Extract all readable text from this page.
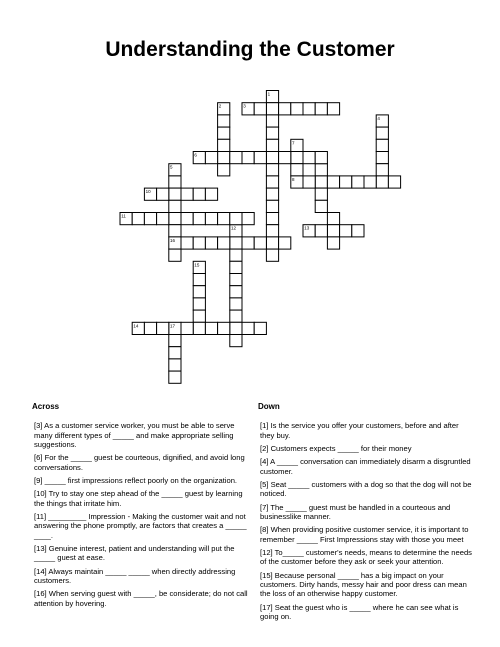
Understanding the Customer
1
2	3
4
5
6
7
8
10
11
12	13
14
15
16
17
Across
[3] As a customer service worker, you must be able to serve many different types of _____ and make appropriate selling suggestions.
[6] For the _____ guest be courteous, dignified, and avoid long conversations.
[9] _____ first impressions reflect poorly on the organization.
[10] Try to stay one step ahead of the _____ guest by learning the things that irritate him.
[11] _________ Impression - Making the customer wait and not answering the phone promptly, are factors that creates a _____ ____.
[13] Genuine interest, patient and understanding will put the _____ guest at ease.
[14] Always maintain _____ _____ when directly addressing customers.
[16] When serving guest with _____, be considerate; do not call attention by hovering.
Down
[1] Is the service you offer your customers, before and after they buy.
[2] Customers expects _____ for their money
[4] A _____ conversation can immediately disarm a disgruntled customer.
[5] Seat _____ customers with a dog so that the dog will not be noticed.
[7] The _____ guest must be handled in a courteous and businesslike manner.
[8] When providing positive customer service, it is important to remember _____ First Impressions stay with those you meet
[12] To_____ customer's needs, means to determine the needs of the customer before they ask or seek your attention.
[15] Because personal _____ has a big impact on your customers. Dirty hands, messy hair and poor dress can mean the loss of an otherwise happy customer.
[17] Seat the guest who is _____ where he can see what is going on.
